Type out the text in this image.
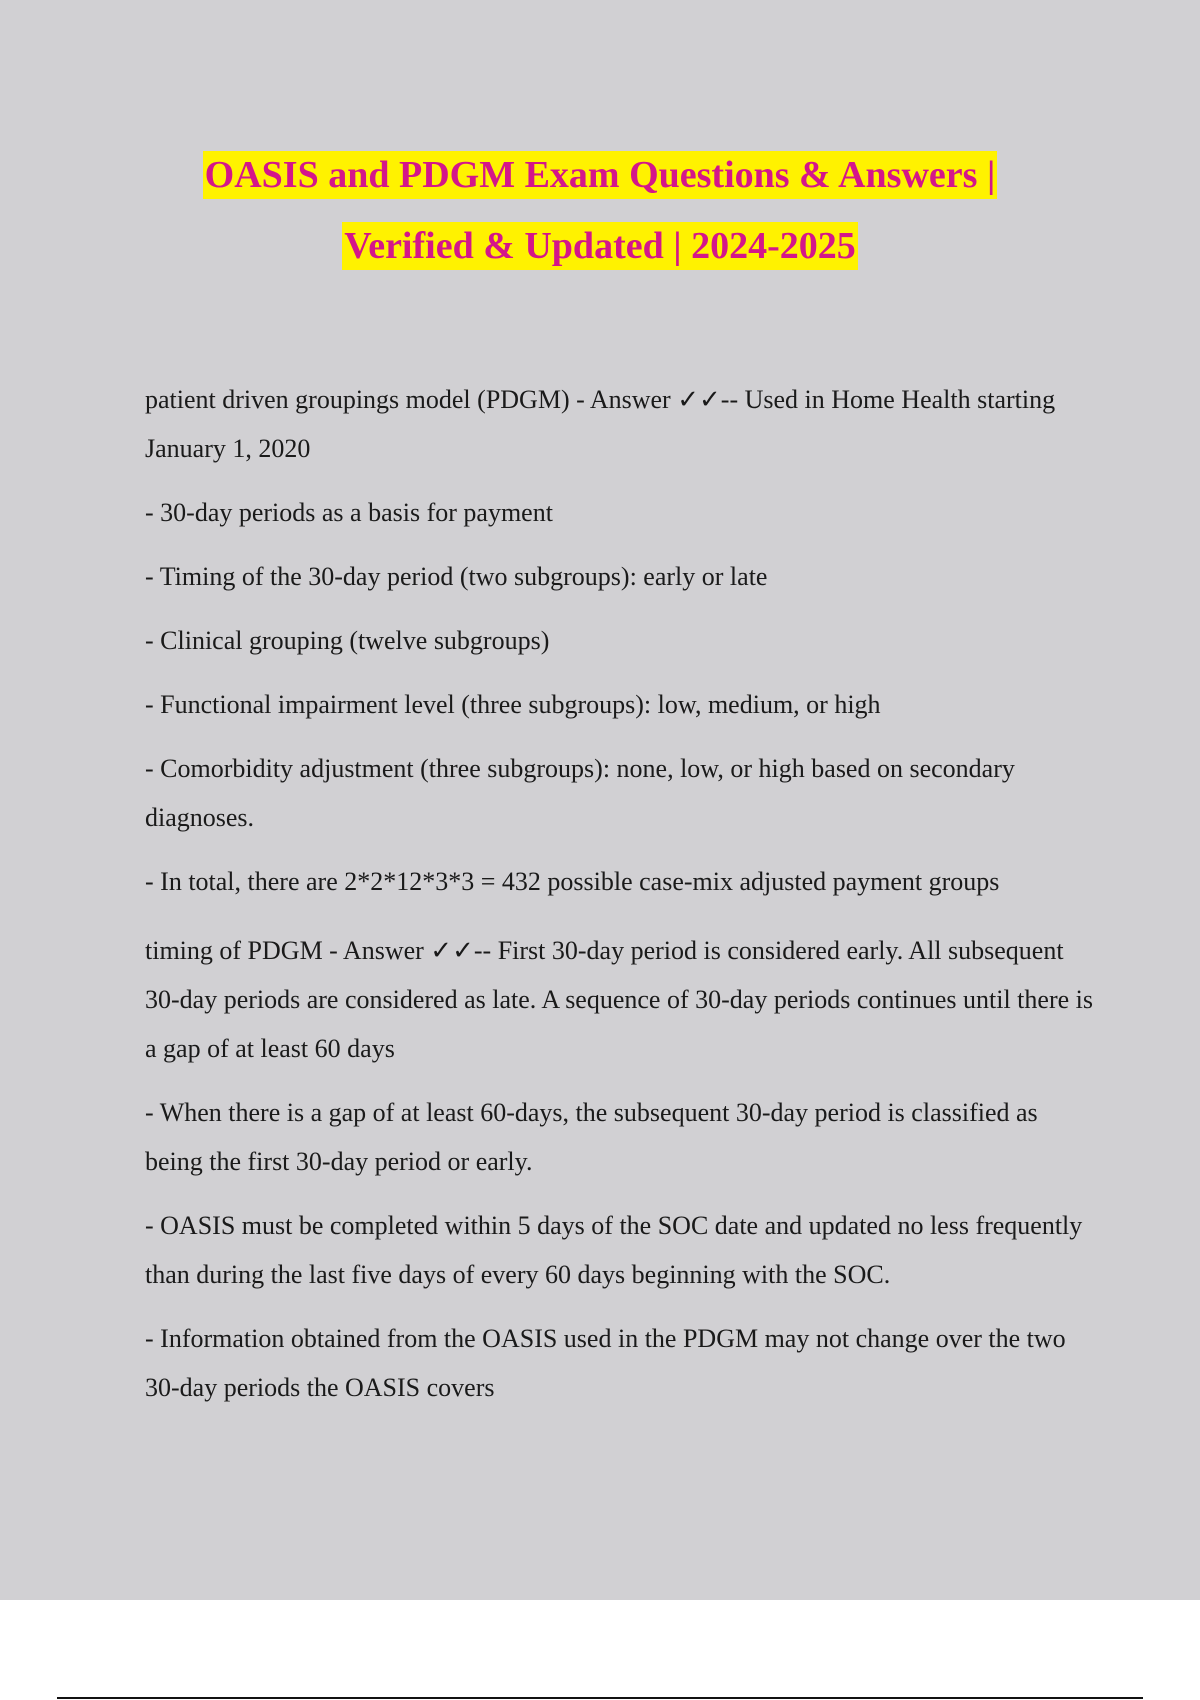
OASIS and PDGM Exam Questions & Answers |
Verified & Updated | 2024-2025

patient driven groupings model (PDGM) - Answer ✓✓-- Used in Home Health starting January 1, 2020

- 30-day periods as a basis for payment

- Timing of the 30-day period (two subgroups): early or late

- Clinical grouping (twelve subgroups)

- Functional impairment level (three subgroups): low, medium, or high

- Comorbidity adjustment (three subgroups): none, low, or high based on secondary diagnoses.

- In total, there are 2*2*12*3*3 = 432 possible case-mix adjusted payment groups

timing of PDGM - Answer ✓✓-- First 30-day period is considered early. All subsequent 30-day periods are considered as late. A sequence of 30-day periods continues until there is a gap of at least 60 days

- When there is a gap of at least 60-days, the subsequent 30-day period is classified as being the first 30-day period or early.

- OASIS must be completed within 5 days of the SOC date and updated no less frequently than during the last five days of every 60 days beginning with the SOC.

- Information obtained from the OASIS used in the PDGM may not change over the two 30-day periods the OASIS covers
